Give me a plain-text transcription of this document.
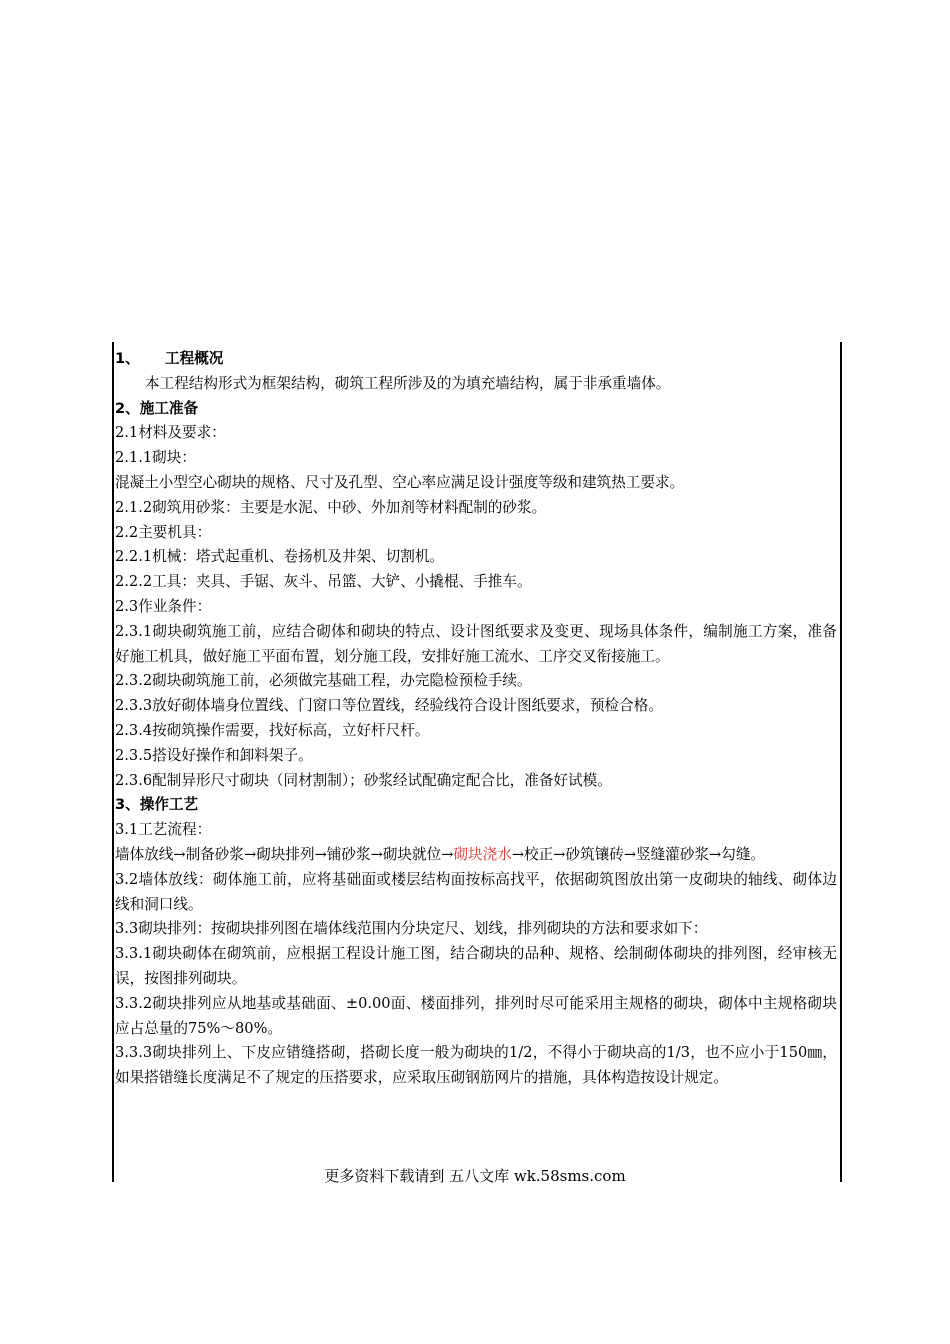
1、 工程概况

本工程结构形式为框架结构，砌筑工程所涉及的为填充墙结构，属于非承重墙体。

2、施工准备

2.1材料及要求：

2.1.1砌块：

混凝土小型空心砌块的规格、尺寸及孔型、空心率应满足设计强度等级和建筑热工要求。

2.1.2砌筑用砂浆：主要是水泥、中砂、外加剂等材料配制的砂浆。

2.2主要机具：

2.2.1机械：塔式起重机、卷扬机及井架、切割机。

2.2.2工具：夹具、手锯、灰斗、吊篮、大铲、小撬棍、手推车。

2.3作业条件：

2.3.1砌块砌筑施工前，应结合砌体和砌块的特点、设计图纸要求及变更、现场具体条件，编制施工方案，准备好施工机具，做好施工平面布置，划分施工段，安排好施工流水、工序交叉衔接施工。

2.3.2砌块砌筑施工前，必须做完基础工程，办完隐检预检手续。

2.3.3放好砌体墙身位置线、门窗口等位置线，经验线符合设计图纸要求，预检合格。

2.3.4按砌筑操作需要，找好标高，立好杆尺杆。

2.3.5搭设好操作和卸料架子。

2.3.6配制异形尺寸砌块（同材割制）；砂浆经试配确定配合比，准备好试模。

3、操作工艺

3.1工艺流程：

墙体放线→制备砂浆→砌块排列→铺砂浆→砌块就位→砌块浇水→校正→砂筑镶砖→竖缝灌砂浆→勾缝。

3.2墙体放线：砌体施工前，应将基础面或楼层结构面按标高找平，依据砌筑图放出第一皮砌块的轴线、砌体边线和洞口线。

3.3砌块排列：按砌块排列图在墙体线范围内分块定尺、划线，排列砌块的方法和要求如下：

3.3.1砌块砌体在砌筑前，应根据工程设计施工图，结合砌块的品种、规格、绘制砌体砌块的排列图，经审核无误，按图排列砌块。

3.3.2砌块排列应从地基或基础面、±0.00面、楼面排列，排列时尽可能采用主规格的砌块，砌体中主规格砌块应占总量的75%～80%。

3.3.3砌块排列上、下皮应错缝搭砌，搭砌长度一般为砌块的1/2，不得小于砌块高的1/3，也不应小于150㎜，如果搭错缝长度满足不了规定的压搭要求，应采取压砌钢筋网片的措施，具体构造按设计规定。

更多资料下载请到 五八文库 wk.58sms.com
